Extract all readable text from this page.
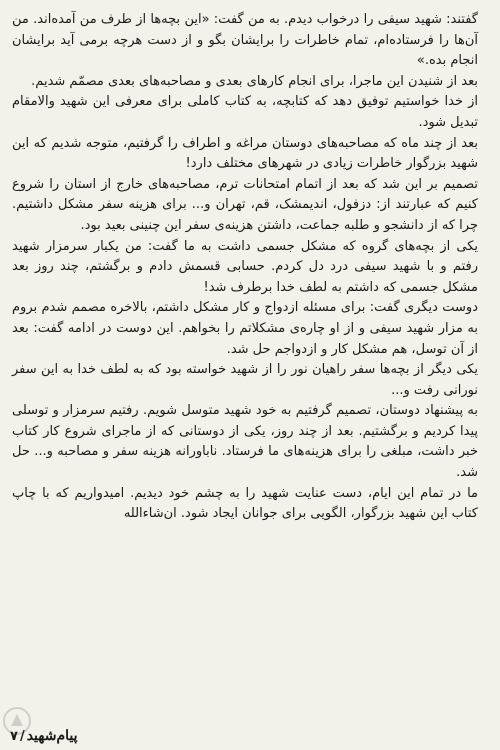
گفتند: شهید سیفی را درخواب دیدم. به من گفت: «این بچه‌ها از طرف من آمده‌اند. من آن‌ها را فرستاده‌ام، تمام خاطرات را برایشان بگو و از دست هرچه برمی آید برایشان انجام بده.»

بعد از شنیدن این ماجرا، برای انجام کارهای بعدی و مصاحبه‌های بعدی مصمّم شدیم.

از خدا خواستیم توفیق دهد که کتابچه، به کتاب کاملی برای معرفی این شهید والامقام تبدیل شود.

بعد از چند ماه که مصاحبه‌های دوستان مراغه و اطراف را گرفتیم، متوجه شدیم که این شهید بزرگوار خاطرات زیادی در شهرهای مختلف دارد!

تصمیم بر این شد که بعد از اتمام امتحانات ترم، مصاحبه‌های خارج از استان را شروع کنیم که عبارتند از: دزفول، اندیمشک، قم، تهران و... برای هزینه سفر مشکل داشتیم. چرا که از دانشجو و طلبه جماعت، داشتن هزینه‌ی سفر این چنینی بعید بود.

یکی از بچه‌های گروه که مشکل جسمی داشت به ما گفت: من یکبار سرمزار شهید رفتم و با شهید سیفی درد دل کردم. حسابی قسمش دادم و برگشتم، چند روز بعد مشکل جسمی که داشتم به لطف خدا برطرف شد!

دوست دیگری گفت: برای مسئله ازدواج و کار مشکل داشتم، بالاخره مصمم شدم بروم به مزار شهید سیفی و از او چاره‌ی مشکلاتم را بخواهم. این دوست در ادامه گفت: بعد از آن توسل، هم مشکل کار و ازدواجم حل شد.

یکی دیگر از بچه‌ها سفر راهیان نور را از شهید خواسته بود که به لطف خدا به این سفر نورانی رفت و...

به پیشنهاد دوستان، تصمیم گرفتیم به خود شهید متوسل شویم. رفتیم سرمزار و توسلی پیدا کردیم و برگشتیم. بعد از چند روز، یکی از دوستانی که از ماجرای شروع کار کتاب خبر داشت، مبلغی را برای هزینه‌های ما فرستاد. ناباورانه هزینه سفر و مصاحبه و... حل شد.

ما در تمام این ایام، دست عنایت شهید را به چشم خود دیدیم. امیدواریم که با چاپ کتاب این شهید بزرگوار، الگویی برای جوانان ایجاد شود. ان‌شاءالله

پیام‌شهید
/
۷
